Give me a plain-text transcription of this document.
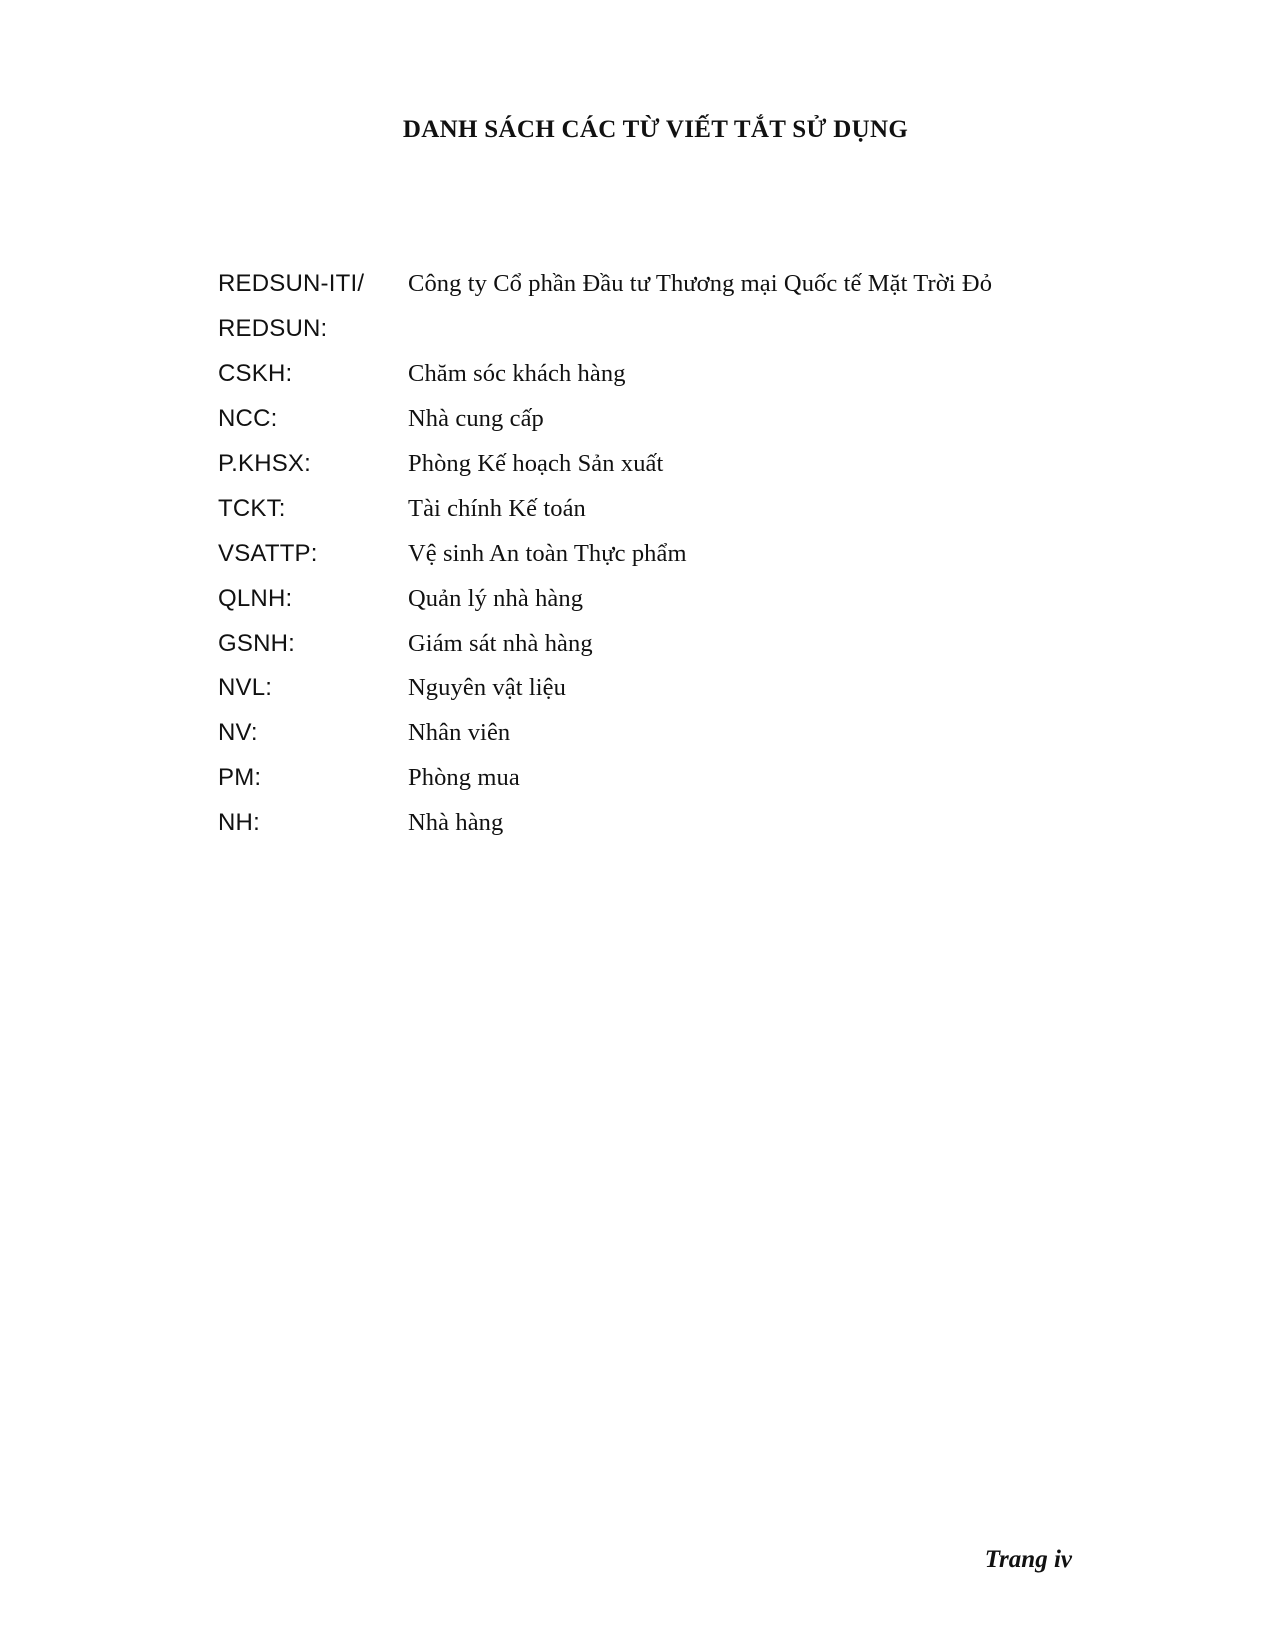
DANH SÁCH CÁC TỪ VIẾT TẮT SỬ DỤNG
REDSUN-ITI/	Công ty Cổ phần Đầu tư Thương mại Quốc tế Mặt Trời Đỏ
REDSUN:
CSKH:	Chăm sóc khách hàng
NCC:	Nhà cung cấp
P.KHSX:	Phòng Kế hoạch Sản xuất
TCKT:	Tài chính Kế toán
VSATTP:	Vệ sinh An toàn Thực phẩm
QLNH:	Quản lý nhà hàng
GSNH:	Giám sát nhà hàng
NVL:	Nguyên vật liệu
NV:	Nhân viên
PM:	Phòng mua
NH:	Nhà hàng
Trang iv
